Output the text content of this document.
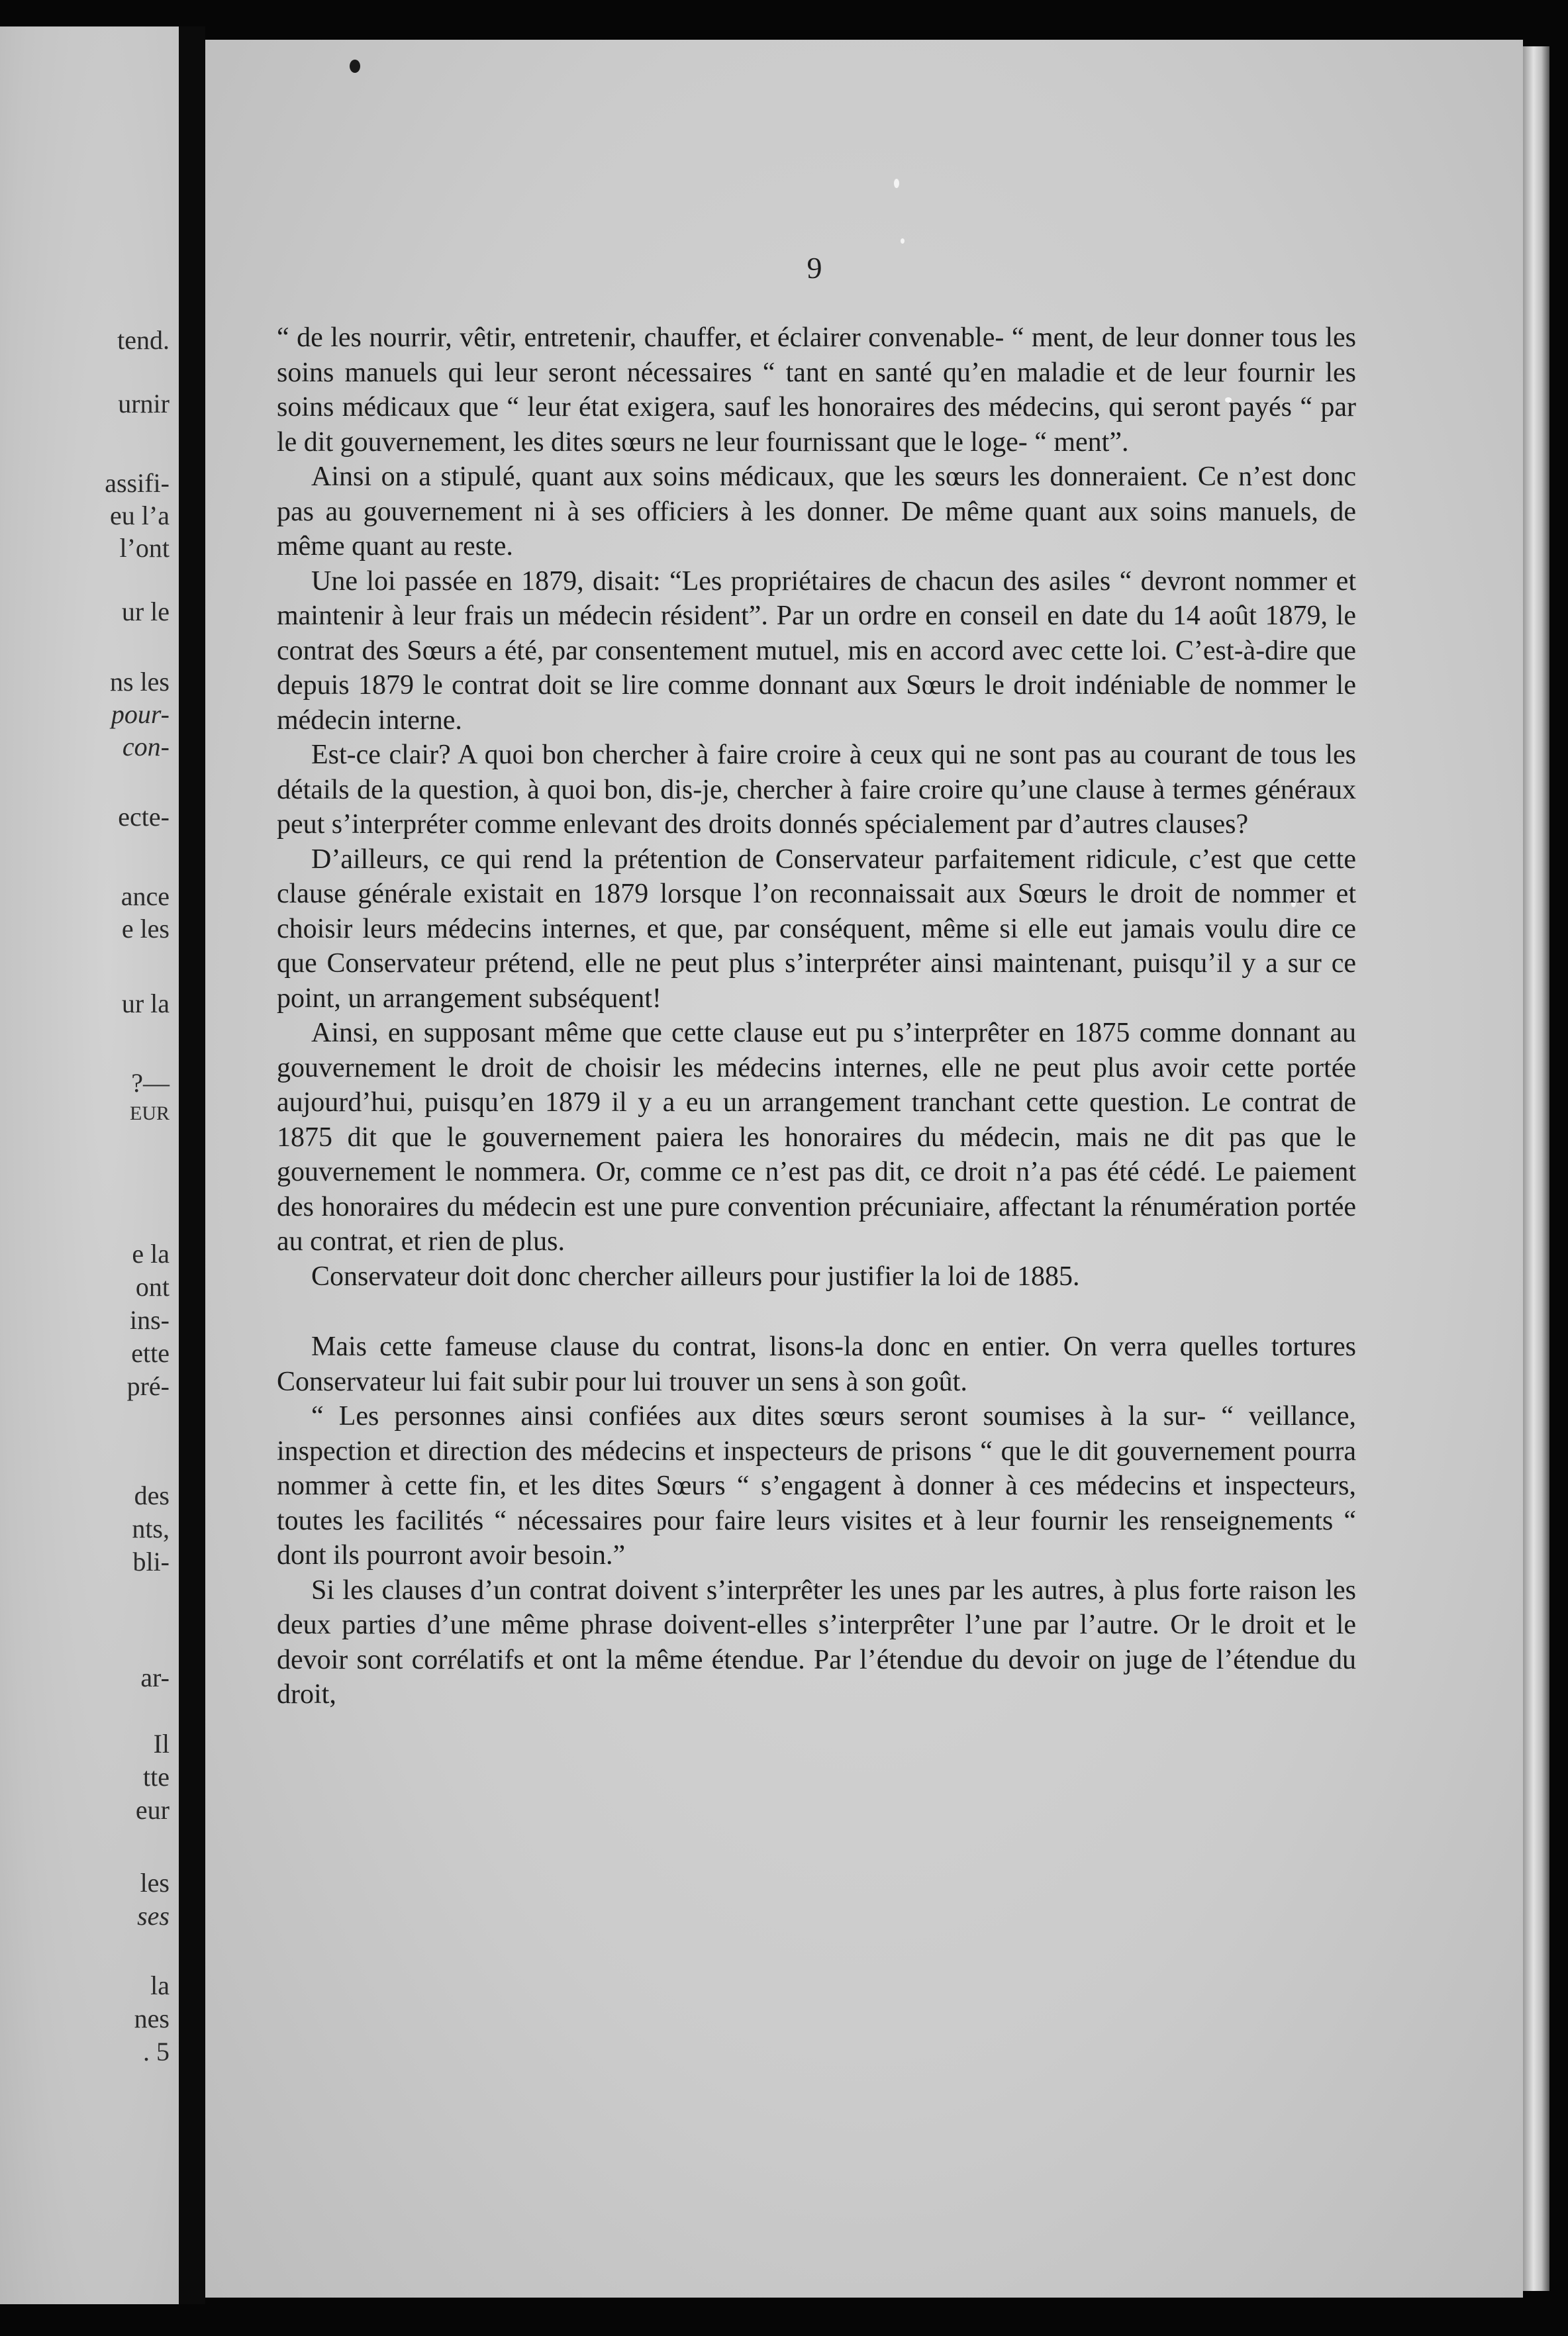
tend.

urnir

assifi-

eu l’a

l’ont

ur le

ns les

pour-

con-

ecte-

ance

e les

ur la

?—

EUR

e la

ont

ins-

ette

pré-

des

nts,

bli-

ar-

Il

tte

eur

les

ses

la

nes

. 5

9

“ de les nourrir, vêtir, entretenir, chauffer, et éclairer convenable- “ ment, de leur donner tous les soins manuels qui leur seront nécessaires “ tant en santé qu’en maladie et de leur fournir les soins médicaux que “ leur état exigera, sauf les honoraires des médecins, qui seront payés “ par le dit gouvernement, les dites sœurs ne leur fournissant que le loge- “ ment”.

Ainsi on a stipulé, quant aux soins médicaux, que les sœurs les donneraient. Ce n’est donc pas au gouvernement ni à ses officiers à les donner. De même quant aux soins manuels, de même quant au reste.

Une loi passée en 1879, disait: “Les propriétaires de chacun des asiles “ devront nommer et maintenir à leur frais un médecin résident”. Par un ordre en conseil en date du 14 août 1879, le contrat des Sœurs a été, par consentement mutuel, mis en accord avec cette loi. C’est-à-dire que depuis 1879 le contrat doit se lire comme donnant aux Sœurs le droit indéniable de nommer le médecin interne.

Est-ce clair? A quoi bon chercher à faire croire à ceux qui ne sont pas au courant de tous les détails de la question, à quoi bon, dis-je, chercher à faire croire qu’une clause à termes généraux peut s’interpréter comme enlevant des droits donnés spécialement par d’autres clauses?

D’ailleurs, ce qui rend la prétention de Conservateur parfaitement ridicule, c’est que cette clause générale existait en 1879 lorsque l’on reconnaissait aux Sœurs le droit de nommer et choisir leurs médecins internes, et que, par conséquent, même si elle eut jamais voulu dire ce que Conservateur prétend, elle ne peut plus s’interpréter ainsi maintenant, puisqu’il y a sur ce point, un arrangement subséquent!

Ainsi, en supposant même que cette clause eut pu s’interprêter en 1875 comme donnant au gouvernement le droit de choisir les médecins internes, elle ne peut plus avoir cette portée aujourd’hui, puisqu’en 1879 il y a eu un arrangement tranchant cette question. Le contrat de 1875 dit que le gouvernement paiera les honoraires du médecin, mais ne dit pas que le gouvernement le nommera. Or, comme ce n’est pas dit, ce droit n’a pas été cédé. Le paiement des honoraires du médecin est une pure convention précuniaire, affectant la rénumération portée au contrat, et rien de plus.

Conservateur doit donc chercher ailleurs pour justifier la loi de 1885.

Mais cette fameuse clause du contrat, lisons-la donc en entier. On verra quelles tortures Conservateur lui fait subir pour lui trouver un sens à son goût.

“ Les personnes ainsi confiées aux dites sœurs seront soumises à la sur- “ veillance, inspection et direction des médecins et inspecteurs de prisons “ que le dit gouvernement pourra nommer à cette fin, et les dites Sœurs “ s’engagent à donner à ces médecins et inspecteurs, toutes les facilités “ nécessaires pour faire leurs visites et à leur fournir les renseignements “ dont ils pourront avoir besoin.”

Si les clauses d’un contrat doivent s’interprêter les unes par les autres, à plus forte raison les deux parties d’une même phrase doivent-elles s’interprêter l’une par l’autre. Or le droit et le devoir sont corrélatifs et ont la même étendue. Par l’étendue du devoir on juge de l’étendue du droit,
